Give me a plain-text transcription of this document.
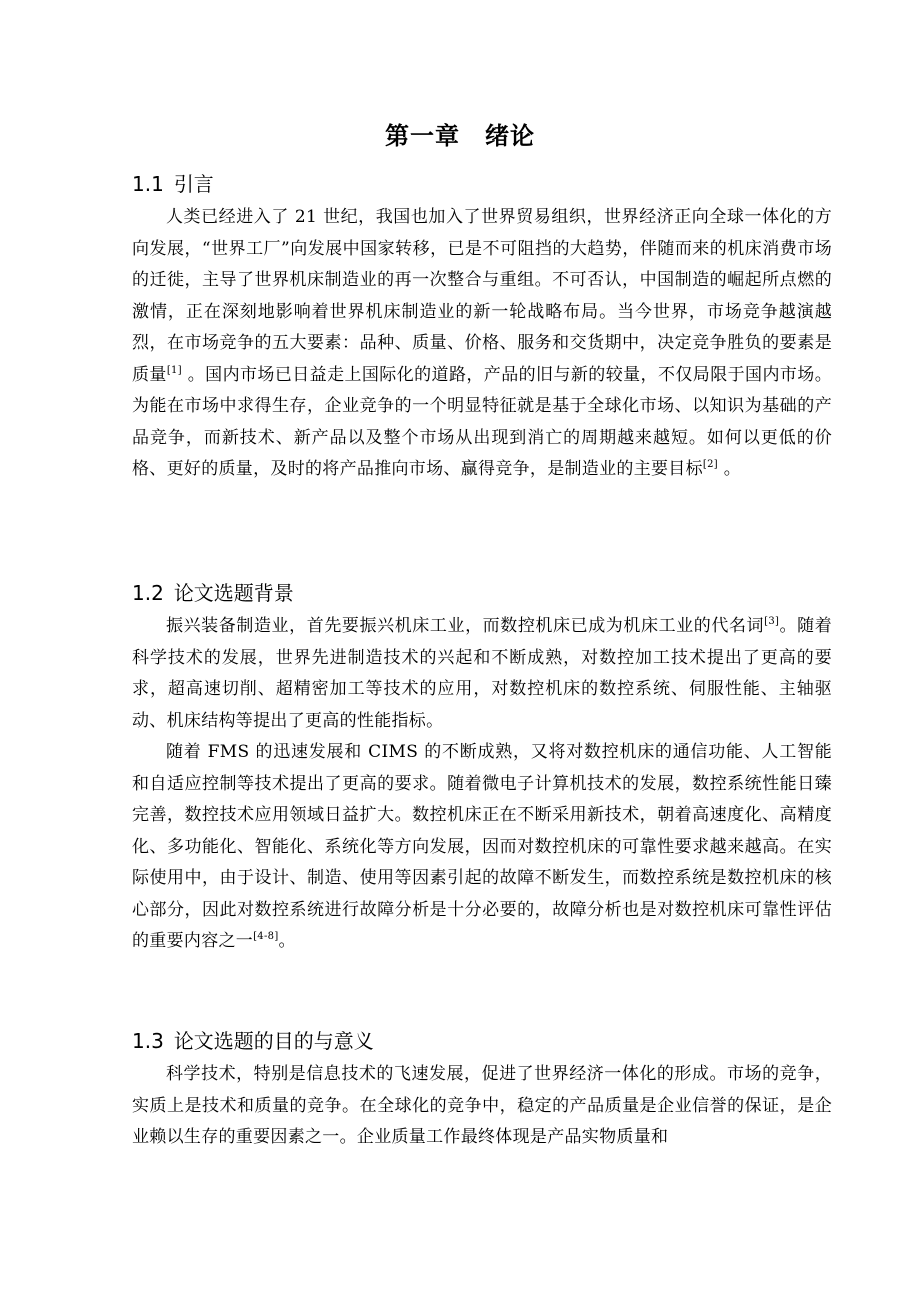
第一章　绪论
1.1 引言

人类已经进入了 21 世纪，我国也加入了世界贸易组织，世界经济正向全球一体化的方向发展，“世界工厂”向发展中国家转移，已是不可阻挡的大趋势，伴随而来的机床消费市场的迁徙，主导了世界机床制造业的再一次整合与重组。不可否认，中国制造的崛起所点燃的激情，正在深刻地影响着世界机床制造业的新一轮战略布局。当今世界，市场竞争越演越烈，在市场竞争的五大要素：品种、质量、价格、服务和交货期中，决定竞争胜负的要素是质量[1] 。国内市场已日益走上国际化的道路，产品的旧与新的较量，不仅局限于国内市场。为能在市场中求得生存，企业竞争的一个明显特征就是基于全球化市场、以知识为基础的产品竞争，而新技术、新产品以及整个市场从出现到消亡的周期越来越短。如何以更低的价格、更好的质量，及时的将产品推向市场、赢得竞争，是制造业的主要目标[2] 。

1.2 论文选题背景

振兴装备制造业，首先要振兴机床工业，而数控机床已成为机床工业的代名词[3]。随着科学技术的发展，世界先进制造技术的兴起和不断成熟，对数控加工技术提出了更高的要求，超高速切削、超精密加工等技术的应用，对数控机床的数控系统、伺服性能、主轴驱动、机床结构等提出了更高的性能指标。

随着 FMS 的迅速发展和 CIMS 的不断成熟，又将对数控机床的通信功能、人工智能和自适应控制等技术提出了更高的要求。随着微电子计算机技术的发展，数控系统性能日臻完善，数控技术应用领域日益扩大。数控机床正在不断采用新技术，朝着高速度化、高精度化、多功能化、智能化、系统化等方向发展，因而对数控机床的可靠性要求越来越高。在实际使用中，由于设计、制造、使用等因素引起的故障不断发生，而数控系统是数控机床的核心部分，因此对数控系统进行故障分析是十分必要的，故障分析也是对数控机床可靠性评估的重要内容之一[4-8]。

1.3 论文选题的目的与意义

科学技术，特别是信息技术的飞速发展，促进了世界经济一体化的形成。市场的竞争，实质上是技术和质量的竞争。在全球化的竞争中，稳定的产品质量是企业信誉的保证，是企业赖以生存的重要因素之一。企业质量工作最终体现是产品实物质量和
